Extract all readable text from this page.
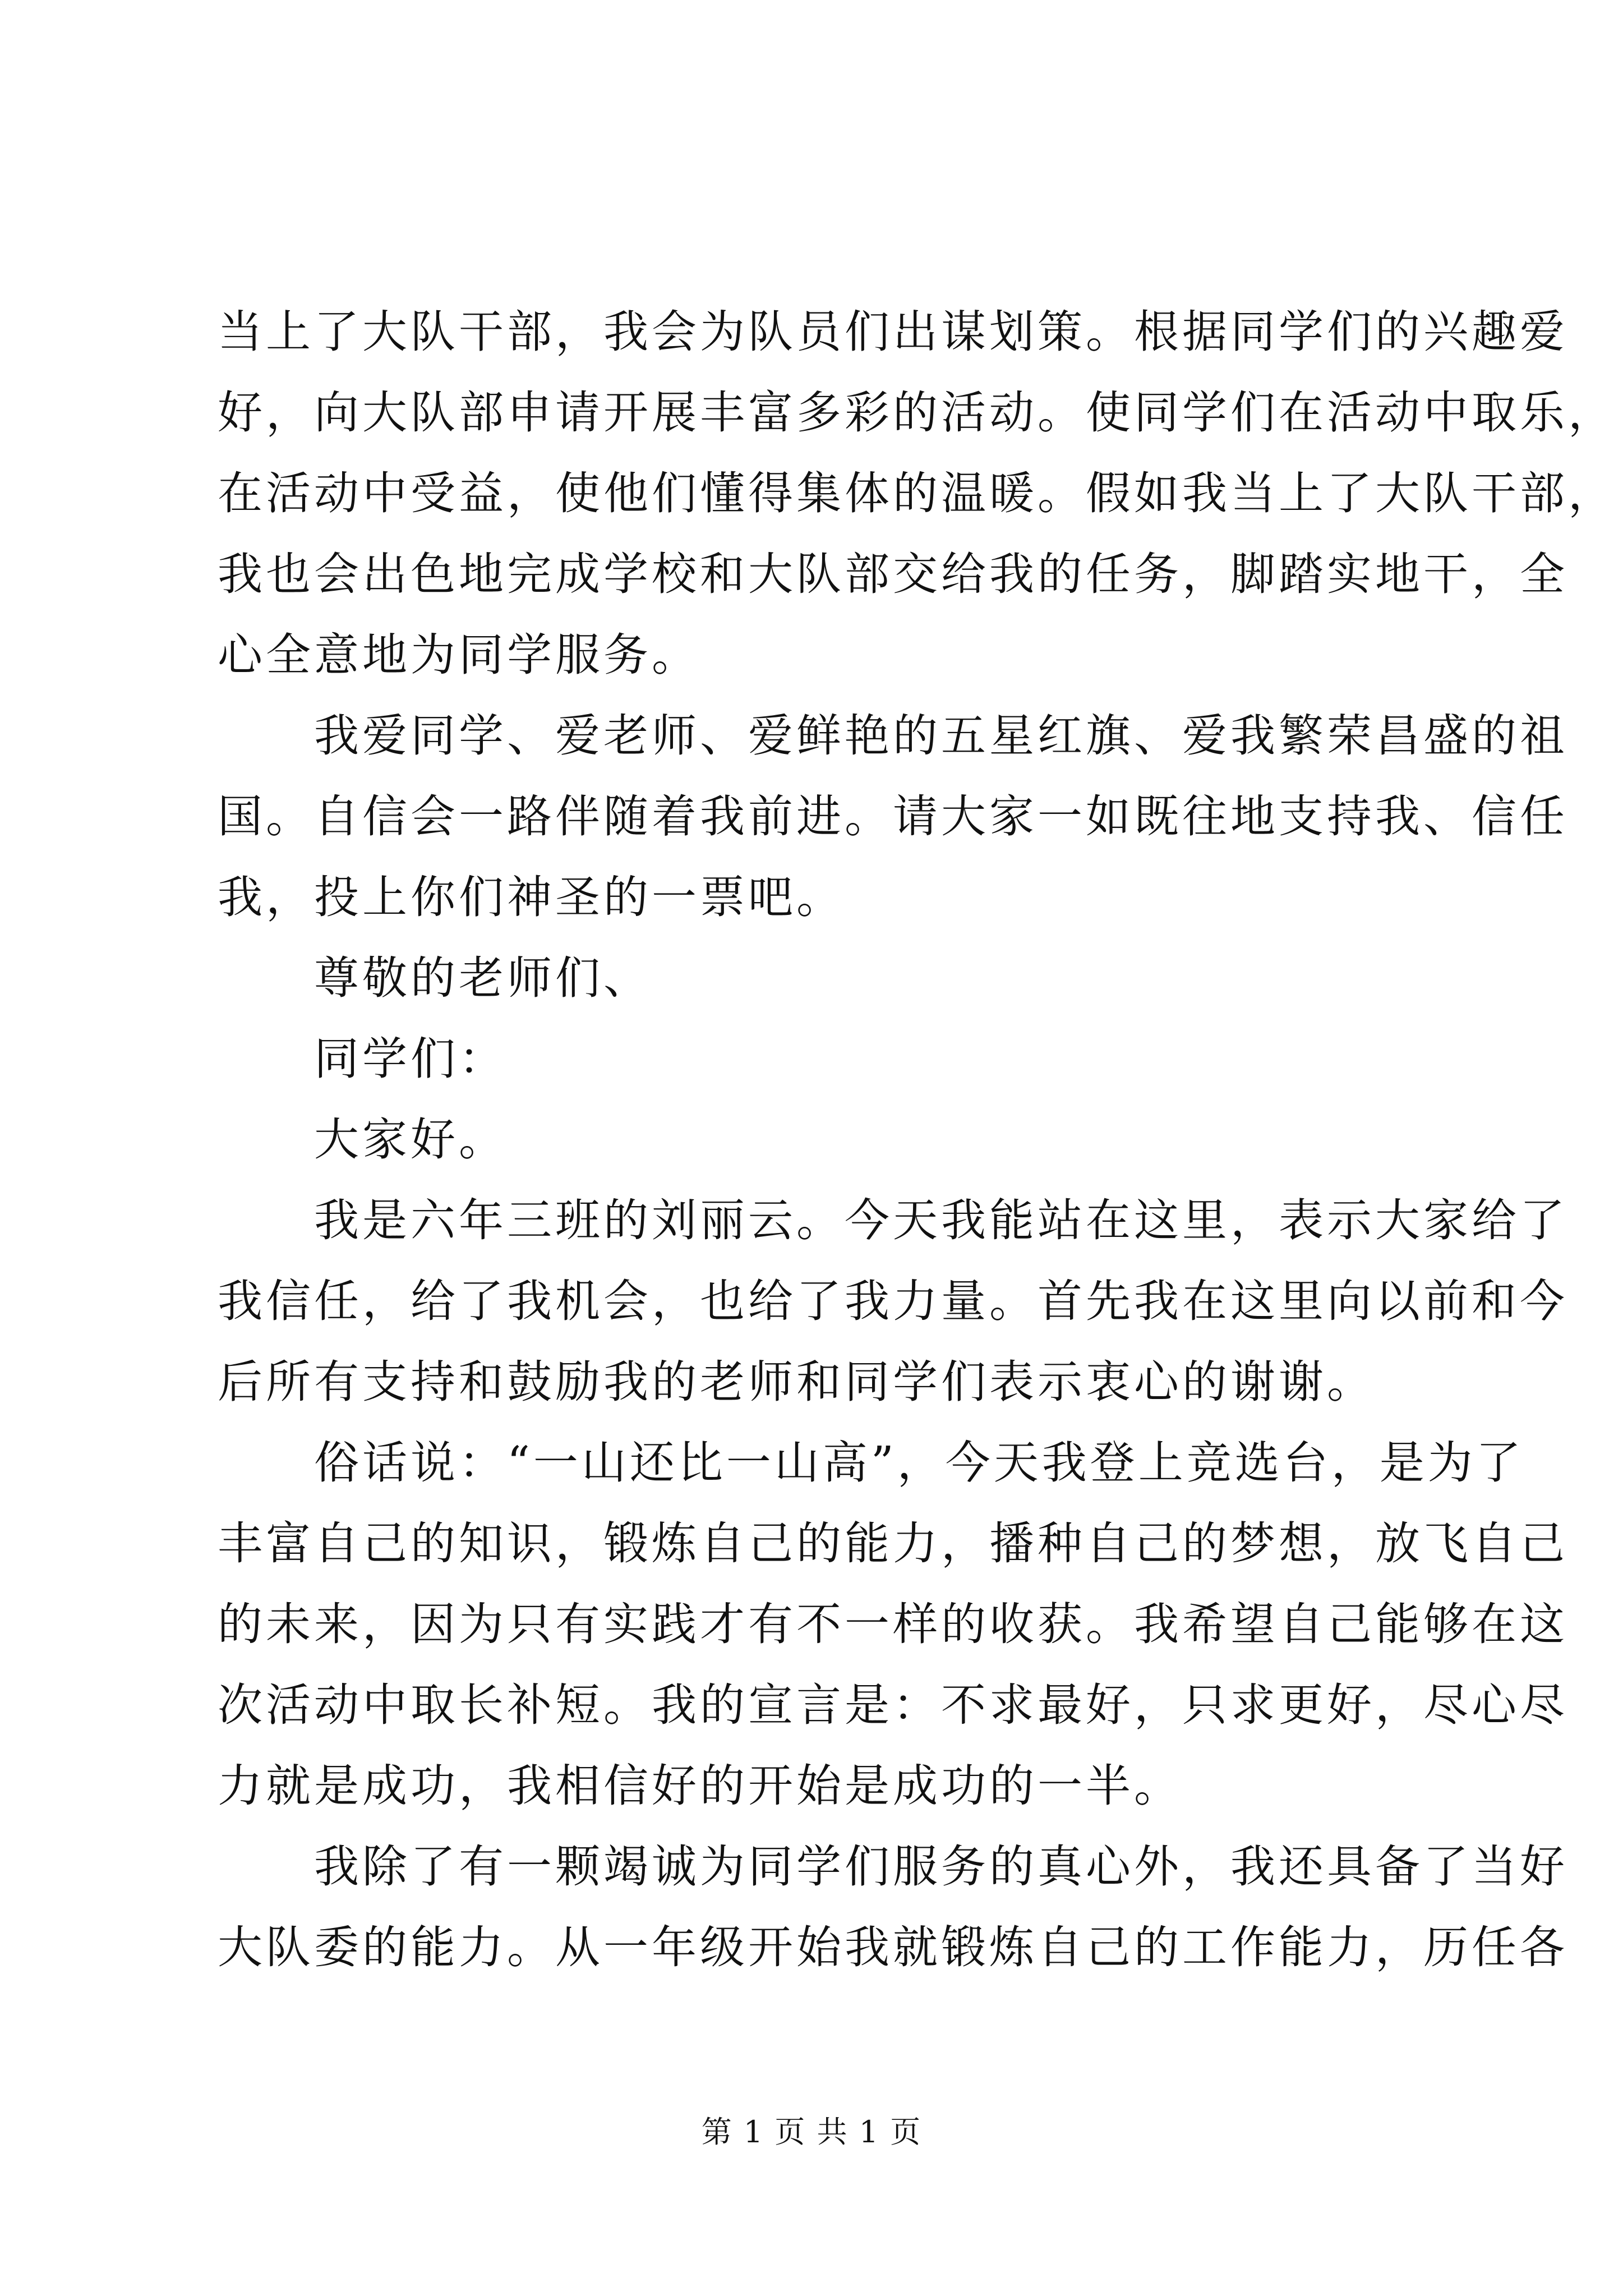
当上了大队干部，我会为队员们出谋划策。根据同学们的兴趣爱
好，向大队部申请开展丰富多彩的活动。使同学们在活动中取乐，
在活动中受益，使他们懂得集体的温暖。假如我当上了大队干部，
我也会出色地完成学校和大队部交给我的任务，脚踏实地干，全
心全意地为同学服务。
我爱同学、爱老师、爱鲜艳的五星红旗、爱我繁荣昌盛的祖
国。自信会一路伴随着我前进。请大家一如既往地支持我、信任
我，投上你们神圣的一票吧。
尊敬的老师们、
同学们：
大家好。
我是六年三班的刘丽云。今天我能站在这里，表示大家给了
我信任，给了我机会，也给了我力量。首先我在这里向以前和今
后所有支持和鼓励我的老师和同学们表示衷心的谢谢。
俗话说：“一山还比一山高”，今天我登上竞选台，是为了
丰富自己的知识，锻炼自己的能力，播种自己的梦想，放飞自己
的未来，因为只有实践才有不一样的收获。我希望自己能够在这
次活动中取长补短。我的宣言是：不求最好，只求更好，尽心尽
力就是成功，我相信好的开始是成功的一半。
我除了有一颗竭诚为同学们服务的真心外，我还具备了当好
大队委的能力。从一年级开始我就锻炼自己的工作能力，历任各
第 1 页 共 1 页
